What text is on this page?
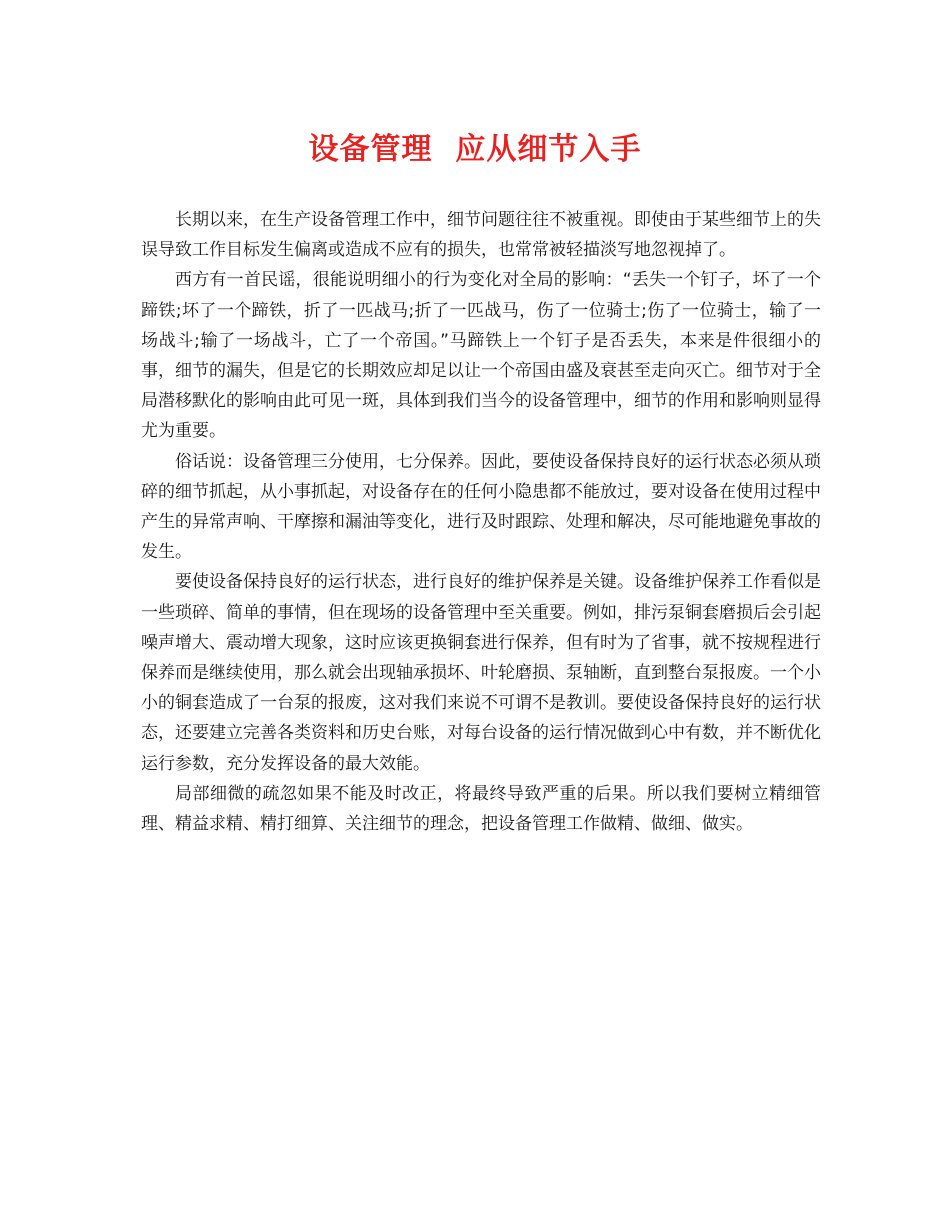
设备管理  应从细节入手

长期以来，在生产设备管理工作中，细节问题往往不被重视。即使由于某些细节上的失误导致工作目标发生偏离或造成不应有的损失，也常常被轻描淡写地忽视掉了。

西方有一首民谣，很能说明细小的行为变化对全局的影响：“丢失一个钉子，坏了一个蹄铁;坏了一个蹄铁，折了一匹战马;折了一匹战马，伤了一位骑士;伤了一位骑士，输了一场战斗;输了一场战斗，亡了一个帝国。”马蹄铁上一个钉子是否丢失，本来是件很细小的事，细节的漏失，但是它的长期效应却足以让一个帝国由盛及衰甚至走向灭亡。细节对于全局潜移默化的影响由此可见一斑，具体到我们当今的设备管理中，细节的作用和影响则显得尤为重要。

俗话说：设备管理三分使用，七分保养。因此，要使设备保持良好的运行状态必须从琐碎的细节抓起，从小事抓起，对设备存在的任何小隐患都不能放过，要对设备在使用过程中产生的异常声响、干摩擦和漏油等变化，进行及时跟踪、处理和解决，尽可能地避免事故的发生。

要使设备保持良好的运行状态，进行良好的维护保养是关键。设备维护保养工作看似是一些琐碎、简单的事情，但在现场的设备管理中至关重要。例如，排污泵铜套磨损后会引起噪声增大、震动增大现象，这时应该更换铜套进行保养，但有时为了省事，就不按规程进行保养而是继续使用，那么就会出现轴承损坏、叶轮磨损、泵轴断，直到整台泵报废。一个小小的铜套造成了一台泵的报废，这对我们来说不可谓不是教训。要使设备保持良好的运行状态，还要建立完善各类资料和历史台账，对每台设备的运行情况做到心中有数，并不断优化运行参数，充分发挥设备的最大效能。

局部细微的疏忽如果不能及时改正，将最终导致严重的后果。所以我们要树立精细管理、精益求精、精打细算、关注细节的理念，把设备管理工作做精、做细、做实。
